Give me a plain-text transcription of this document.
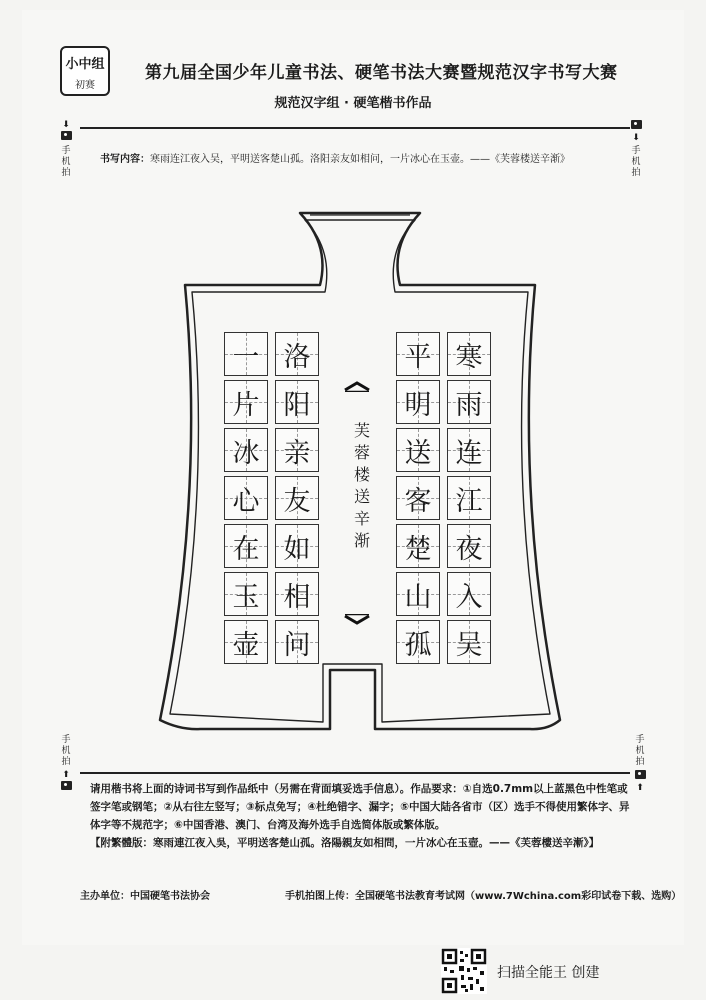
小中组
初赛
第九届全国少年儿童书法、硬笔书法大赛暨规范汉字书写大赛
规范汉字组 · 硬笔楷书作品
⬇
手机拍
⬇
手机拍
手机拍
⬆
手机拍
⬆
书写内容：寒雨连江夜入吴，平明送客楚山孤。洛阳亲友如相问，一片冰心在玉壶。——《芙蓉楼送辛渐》
寒
雨
连
江
夜
入
吴
平
明
送
客
楚
山
孤
洛
阳
亲
友
如
相
问
一
片
冰
心
在
玉
壶
芙
蓉
楼
送
辛
渐
请用楷书将上面的诗词书写到作品纸中（另需在背面填妥选手信息）。作品要求：①自选0.7mm以上蓝黑色中性笔或签字笔或钢笔；②从右往左竖写；③标点免写；④杜绝错字、漏字；⑤中国大陆各省市（区）选手不得使用繁体字、异体字等不规范字；⑥中国香港、澳门、台湾及海外选手自选简体版或繁体版。
【附繁體版：寒雨連江夜入吳，平明送客楚山孤。洛陽親友如相問，一片冰心在玉壺。——《芙蓉樓送辛漸》】
主办单位：中国硬笔书法协会	手机拍图上传：全国硬笔书法教育考试网（www.7Wchina.com彩印试卷下载、选购）
扫描全能王 创建
